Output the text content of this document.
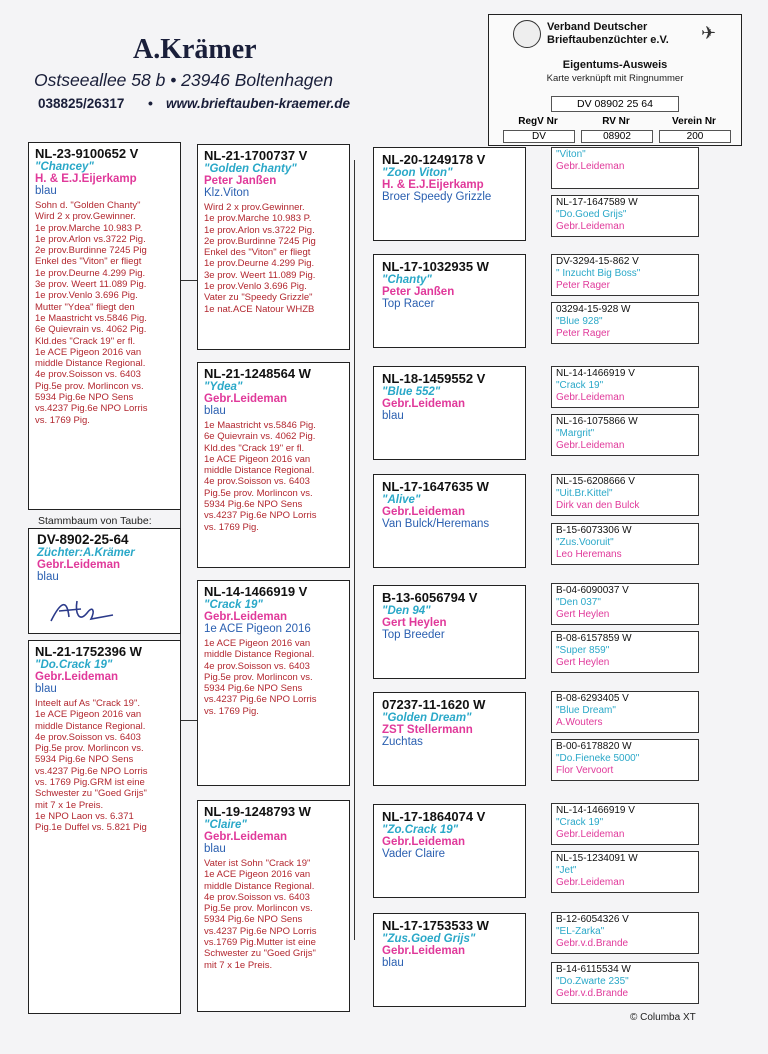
A.Krämer
Ostseeallee 58 b • 23946 Boltenhagen
038825/26317 • www.brieftauben-kraemer.de
✈
Verband Deutscher
Brieftaubenzüchter e.V.
Eigentums-Ausweis
Karte verknüpft mit Ringnummer
DV 08902 25 64
RegV Nr	RV Nr	Verein Nr
DV	08902	200
NL-23-9100652 V
"Chancey"
H. & E.J.Eijerkamp
blau
Sohn d. "Golden Chanty"
Wird 2 x prov.Gewinner.
1e prov.Marche 10.983 P.
1e prov.Arlon vs.3722 Pig.
2e prov.Burdinne 7245 Pig
Enkel des "Viton" er fliegt
1e prov.Deurne 4.299 Pig.
3e prov. Weert 11.089 Pig.
1e prov.Venlo 3.696 Pig.
Mutter "Ydea" fliegt den
1e Maastricht vs.5846 Pig.
6e Quievrain vs. 4062 Pig.
Kld.des "Crack 19" er fl.
1e ACE Pigeon 2016 van
middle Distance Regional.
4e prov.Soisson vs. 6403
Pig.5e prov. Morlincon vs.
5934 Pig.6e NPO Sens
vs.4237 Pig.6e NPO Lorris
vs. 1769 Pig.
Stammbaum von Taube:
DV-8902-25-64
Züchter:A.Krämer
Gebr.Leideman
blau
NL-21-1752396 W
"Do.Crack 19"
Gebr.Leideman
blau
Inteelt auf As "Crack 19".
1e ACE Pigeon 2016 van
middle Distance Regional.
4e prov.Soisson vs. 6403
Pig.5e prov. Morlincon vs.
5934 Pig.6e NPO Sens
vs.4237 Pig.6e NPO Lorris
vs. 1769 Pig.GRM ist eine
Schwester zu "Goed Grijs"
mit 7 x 1e Preis.
1e NPO Laon vs. 6.371
Pig.1e Duffel vs. 5.821 Pig
NL-21-1700737 V
"Golden Chanty"
Peter Janßen
Klz.Viton
Wird 2 x prov.Gewinner.
1e prov.Marche 10.983 P.
1e prov.Arlon vs.3722 Pig.
2e prov.Burdinne 7245 Pig
Enkel des "Viton" er fliegt
1e prov.Deurne 4.299 Pig.
3e prov. Weert 11.089 Pig.
1e prov.Venlo 3.696 Pig.
Vater zu "Speedy Grizzle"
1e nat.ACE Natour WHZB
NL-21-1248564 W
"Ydea"
Gebr.Leideman
blau
1e Maastricht vs.5846 Pig.
6e Quievrain vs. 4062 Pig.
Kld.des "Crack 19" er fl.
1e ACE Pigeon 2016 van
middle Distance Regional.
4e prov.Soisson vs. 6403
Pig.5e prov. Morlincon vs.
5934 Pig.6e NPO Sens
vs.4237 Pig.6e NPO Lorris
vs. 1769 Pig.
NL-14-1466919 V
"Crack 19"
Gebr.Leideman
1e ACE Pigeon 2016
1e ACE Pigeon 2016 van
middle Distance Regional.
4e prov.Soisson vs. 6403
Pig.5e prov. Morlincon vs.
5934 Pig.6e NPO Sens
vs.4237 Pig.6e NPO Lorris
vs. 1769 Pig.
NL-19-1248793 W
"Claire"
Gebr.Leideman
blau
Vater ist Sohn "Crack 19"
1e ACE Pigeon 2016 van
middle Distance Regional.
4e prov.Soisson vs. 6403
Pig.5e prov. Morlincon vs.
5934 Pig.6e NPO Sens
vs.4237 Pig.6e NPO Lorris
vs.1769 Pig.Mutter ist eine
Schwester zu "Goed Grijs"
mit 7 x 1e Preis.
NL-20-1249178 V
"Zoon Viton"
H. & E.J.Eijerkamp
Broer Speedy Grizzle
NL-17-1032935 W
"Chanty"
Peter Janßen
Top Racer
NL-18-1459552 V
"Blue 552"
Gebr.Leideman
blau
NL-17-1647635 W
"Alive"
Gebr.Leideman
Van Bulck/Heremans
B-13-6056794 V
"Den 94"
Gert Heylen
Top Breeder
07237-11-1620 W
"Golden Dream"
ZST Stellermann
Zuchtas
NL-17-1864074 V
"Zo.Crack 19"
Gebr.Leideman
Vader Claire
NL-17-1753533 W
"Zus.Goed Grijs"
Gebr.Leideman
blau
"Viton"
Gebr.Leideman
NL-17-1647589 W
"Do.Goed Grijs"
Gebr.Leideman
DV-3294-15-862 V
" Inzucht Big Boss"
Peter Rager
03294-15-928 W
"Blue 928"
Peter Rager
NL-14-1466919 V
"Crack 19"
Gebr.Leideman
NL-16-1075866 W
"Margrit"
Gebr.Leideman
NL-15-6208666 V
"Uit.Br.Kittel"
Dirk van den Bulck
B-15-6073306 W
"Zus.Vooruit"
Leo Heremans
B-04-6090037 V
"Den 037"
Gert Heylen
B-08-6157859 W
"Super 859"
Gert Heylen
B-08-6293405 V
"Blue Dream"
A.Wouters
B-00-6178820 W
"Do.Fieneke 5000"
Flor Vervoort
NL-14-1466919 V
"Crack 19"
Gebr.Leideman
NL-15-1234091 W
"Jet"
Gebr.Leideman
B-12-6054326 V
"EL-Zarka"
Gebr.v.d.Brande
B-14-6115534 W
"Do.Zwarte 235"
Gebr.v.d.Brande
© Columba XT
